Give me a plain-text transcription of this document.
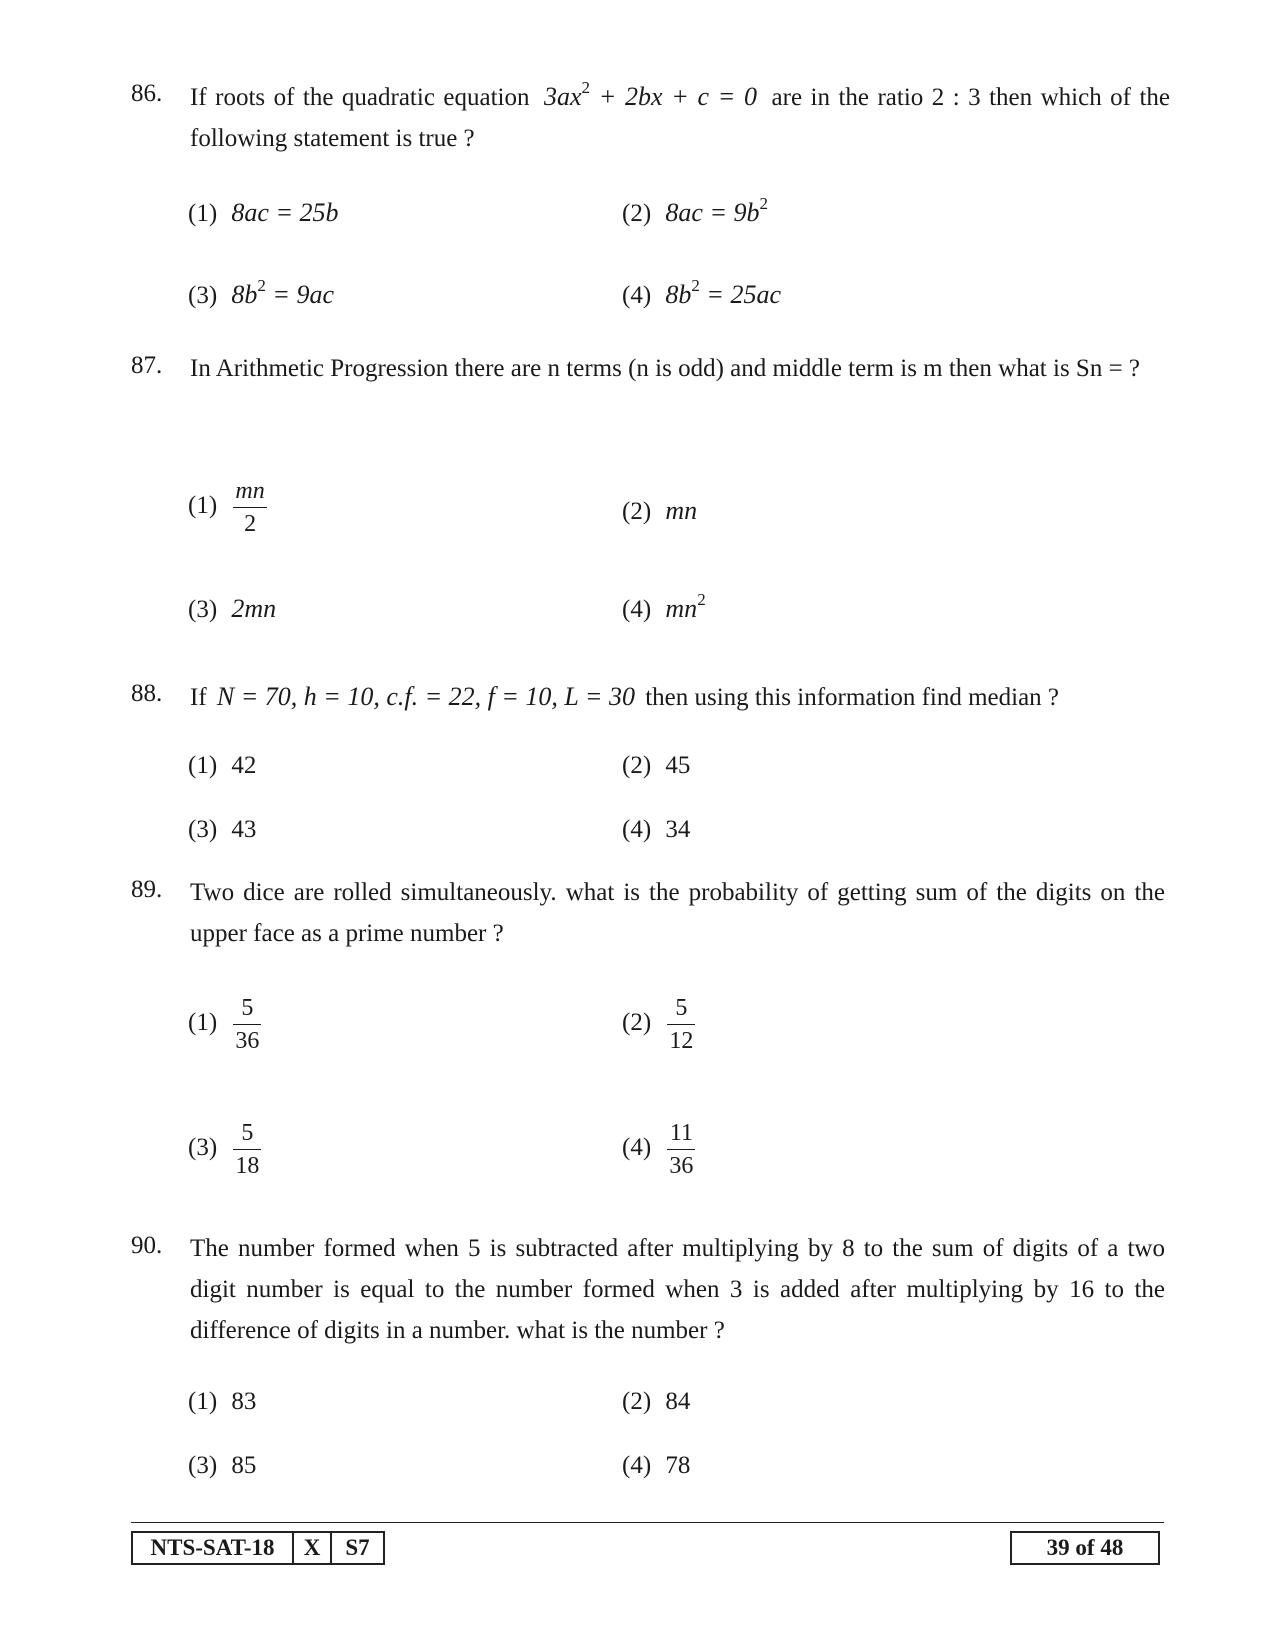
86. If roots of the quadratic equation $3ax^2 + 2bx + c = 0$ are in the ratio 2 : 3 then which of the following statement is true ?
(1) 8ac = 25b	(2) $8ac = 9b^2$
(3) $8b^2 = 9ac$	(4) $8b^2 = 25ac$
87. In Arithmetic Progression there are n terms (n is odd) and middle term is m then what is Sn = ?
$(1) \frac{mn}{2}$	(2) mn
(3) 2mn	(4) $mn^2$
88. If N = 70, h = 10, c.f. = 22, f = 10, L = 30 then using this information find median ?
(1) 42	(2) 45
(3) 43	(4) 34
89. Two dice are rolled simultaneously. what is the probability of getting sum of the digits on the upper face as a prime number ?
$(1) \frac{5}{36}$	$(2) \frac{5}{12}$
$(3) \frac{5}{18}$	$(4) \frac{11}{36}$
90. The number formed when 5 is subtracted after multiplying by 8 to the sum of digits of a two digit number is equal to the number formed when 3 is added after multiplying by 16 to the difference of digits in a number. what is the number ?
(1) 83	(2) 84
(3) 85	(4) 78
NTS-SAT-18	X	S7	39 of 48
